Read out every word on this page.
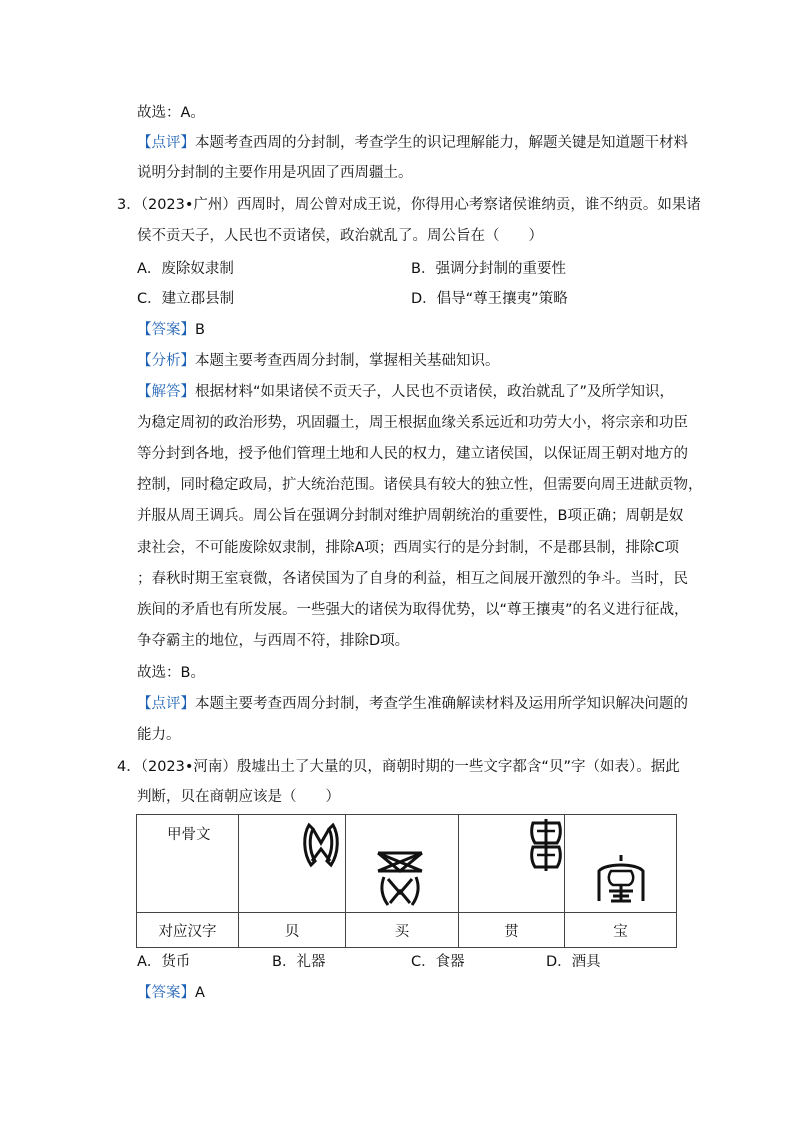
故选：A。
【点评】本题考查西周的分封制，考查学生的识记理解能力，解题关键是知道题干材料
说明分封制的主要作用是巩固了西周疆土。
3．（2023•广州）西周时，周公曾对成王说，你得用心考察诸侯谁纳贡，谁不纳贡。如果诸
侯不贡天子，人民也不贡诸侯，政治就乱了。周公旨在（　　）
A．废除奴隶制	B．强调分封制的重要性
C．建立郡县制	D．倡导“尊王攘夷”策略
【答案】B
【分析】本题主要考查西周分封制，掌握相关基础知识。
【解答】根据材料“如果诸侯不贡天子，人民也不贡诸侯，政治就乱了”及所学知识，
为稳定周初的政治形势，巩固疆土，周王根据血缘关系远近和功劳大小，将宗亲和功臣
等分封到各地，授予他们管理土地和人民的权力，建立诸侯国，以保证周王朝对地方的
控制，同时稳定政局，扩大统治范围。诸侯具有较大的独立性，但需要向周王进献贡物，
并服从周王调兵。周公旨在强调分封制对维护周朝统治的重要性，B项正确；周朝是奴
隶社会，不可能废除奴隶制，排除A项；西周实行的是分封制，不是郡县制，排除C项
；春秋时期王室衰微，各诸侯国为了自身的利益，相互之间展开激烈的争斗。当时，民
族间的矛盾也有所发展。一些强大的诸侯为取得优势，以“尊王攘夷”的名义进行征战，
争夺霸主的地位，与西周不符，排除D项。
故选：B。
【点评】本题主要考查西周分封制，考查学生准确解读材料及运用所学知识解决问题的
能力。
4．（2023•河南）殷墟出土了大量的贝，商朝时期的一些文字都含“贝”字（如表）。据此
判断，贝在商朝应该是（　　）
甲骨文

对应汉字	贝	买	贯	宝
A．货币	B．礼器	C．食器	D．酒具
【答案】A
